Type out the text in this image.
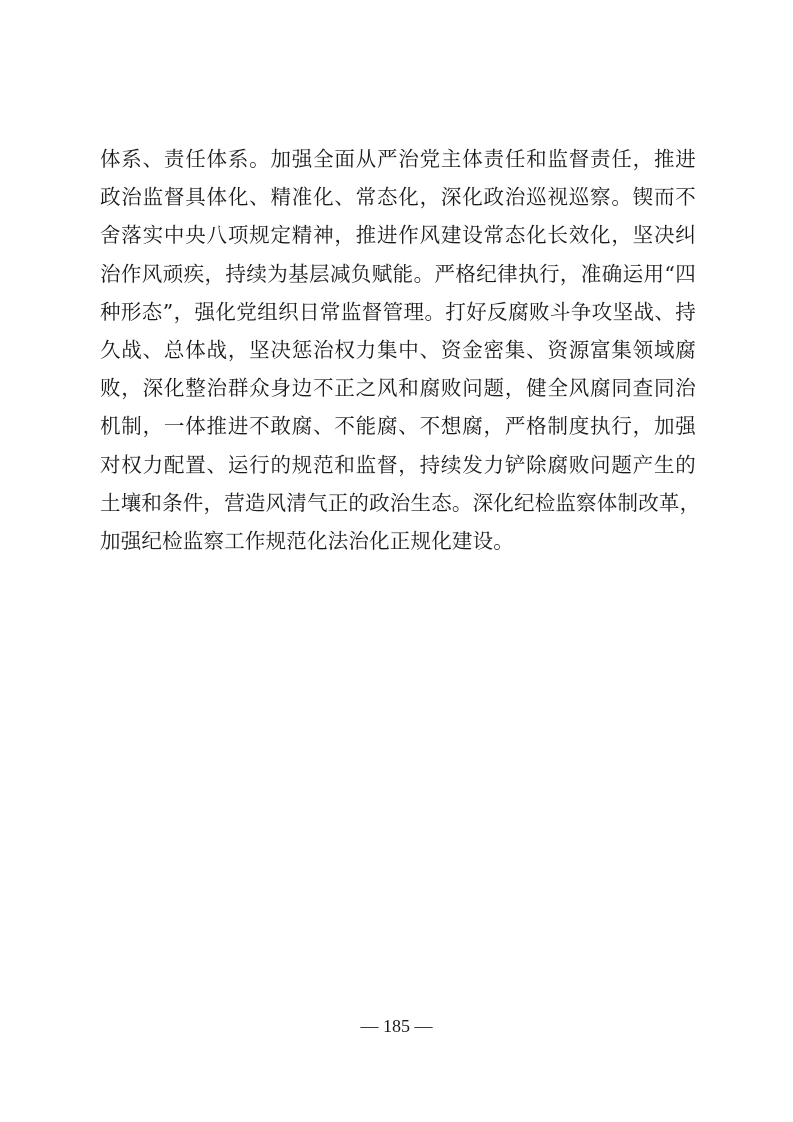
体系、责任体系。加强全面从严治党主体责任和监督责任，推进
政治监督具体化、精准化、常态化，深化政治巡视巡察。锲而不
舍落实中央八项规定精神，推进作风建设常态化长效化，坚决纠
治作风顽疾，持续为基层减负赋能。严格纪律执行，准确运用“四
种形态”，强化党组织日常监督管理。打好反腐败斗争攻坚战、持
久战、总体战，坚决惩治权力集中、资金密集、资源富集领域腐
败，深化整治群众身边不正之风和腐败问题，健全风腐同查同治
机制，一体推进不敢腐、不能腐、不想腐，严格制度执行，加强
对权力配置、运行的规范和监督，持续发力铲除腐败问题产生的
土壤和条件，营造风清气正的政治生态。深化纪检监察体制改革，
加强纪检监察工作规范化法治化正规化建设。
— 185 —
